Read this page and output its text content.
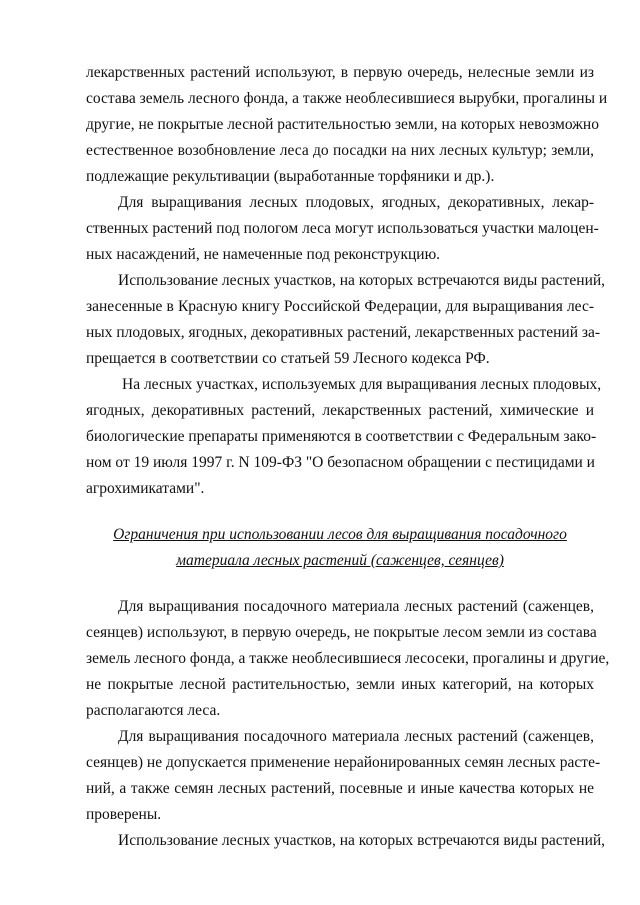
лекарственных растений используют, в первую очередь, нелесные земли из
состава земель лесного фонда, а также необлесившиеся вырубки, прогалины и
другие, не покрытые лесной растительностью земли, на которых невозможно
естественное возобновление леса до посадки на них лесных культур; земли,
подлежащие рекультивации (выработанные торфяники и др.).
Для выращивания лесных плодовых, ягодных, декоративных, лекар-
ственных растений под пологом леса могут использоваться участки малоцен-
ных насаждений, не намеченные под реконструкцию.
Использование лесных участков, на которых встречаются виды растений,
занесенные в Красную книгу Российской Федерации, для выращивания лес-
ных плодовых, ягодных, декоративных растений, лекарственных растений за-
прещается в соответствии со статьей 59 Лесного кодекса РФ.
На лесных участках, используемых для выращивания лесных плодовых,
ягодных, декоративных растений, лекарственных растений, химические и
биологические препараты применяются в соответствии с Федеральным зако-
ном от 19 июля 1997 г. N 109-ФЗ "О безопасном обращении с пестицидами и
агрохимикатами".
Ограничения при использовании лесов для выращивания посадочного
материала лесных растений (саженцев, сеянцев)
Для выращивания посадочного материала лесных растений (саженцев,
сеянцев) используют, в первую очередь, не покрытые лесом земли из состава
земель лесного фонда, а также необлесившиеся лесосеки, прогалины и другие,
не покрытые лесной растительностью, земли иных категорий, на которых
располагаются леса.
Для выращивания посадочного материала лесных растений (саженцев,
сеянцев) не допускается применение нерайонированных семян лесных расте-
ний, а также семян лесных растений, посевные и иные качества которых не
проверены.
Использование лесных участков, на которых встречаются виды растений,
